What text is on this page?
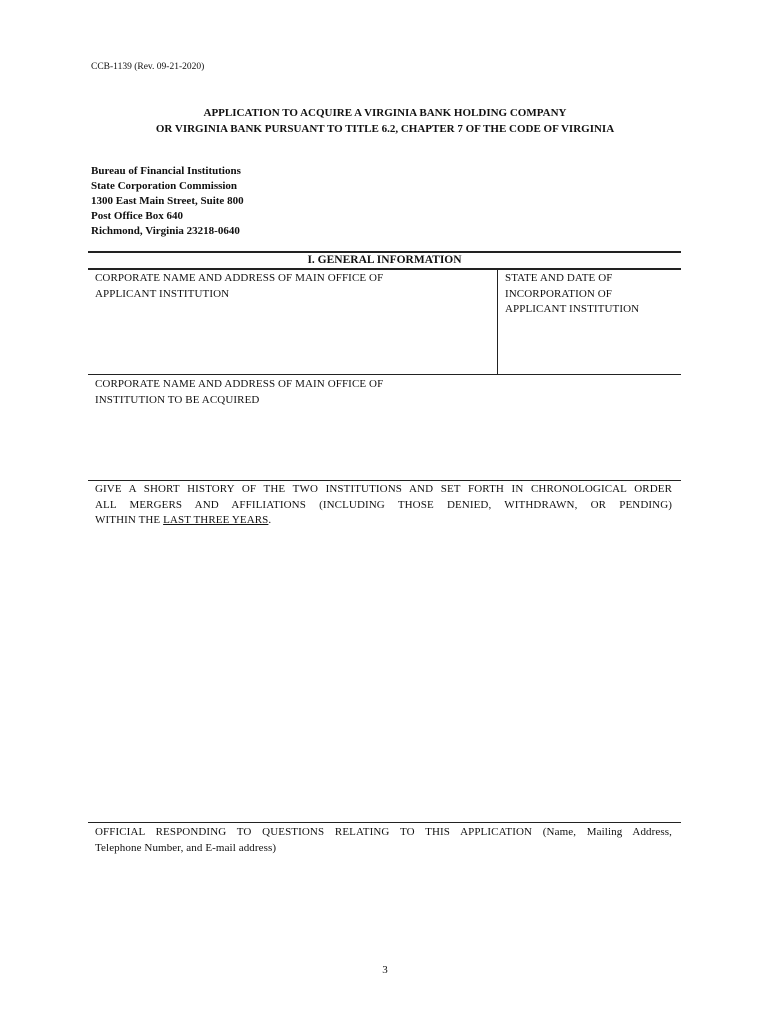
CCB-1139 (Rev. 09-21-2020)
APPLICATION TO ACQUIRE A VIRGINIA BANK HOLDING COMPANY
OR VIRGINIA BANK PURSUANT TO TITLE 6.2, CHAPTER 7 OF THE CODE OF VIRGINIA
Bureau of Financial Institutions
State Corporation Commission
1300 East Main Street, Suite 800
Post Office Box 640
Richmond, Virginia 23218-0640
I. GENERAL INFORMATION
CORPORATE NAME AND ADDRESS OF MAIN OFFICE OF
APPLICANT INSTITUTION
STATE AND DATE OF
INCORPORATION OF
APPLICANT INSTITUTION
CORPORATE NAME AND ADDRESS OF MAIN OFFICE OF
INSTITUTION TO BE ACQUIRED
GIVE A SHORT HISTORY OF THE TWO INSTITUTIONS AND SET FORTH IN CHRONOLOGICAL ORDER
ALL MERGERS AND AFFILIATIONS (INCLUDING THOSE DENIED, WITHDRAWN, OR PENDING)
WITHIN THE LAST THREE YEARS.
OFFICIAL RESPONDING TO QUESTIONS RELATING TO THIS APPLICATION (Name, Mailing Address,
Telephone Number, and E-mail address)
3
